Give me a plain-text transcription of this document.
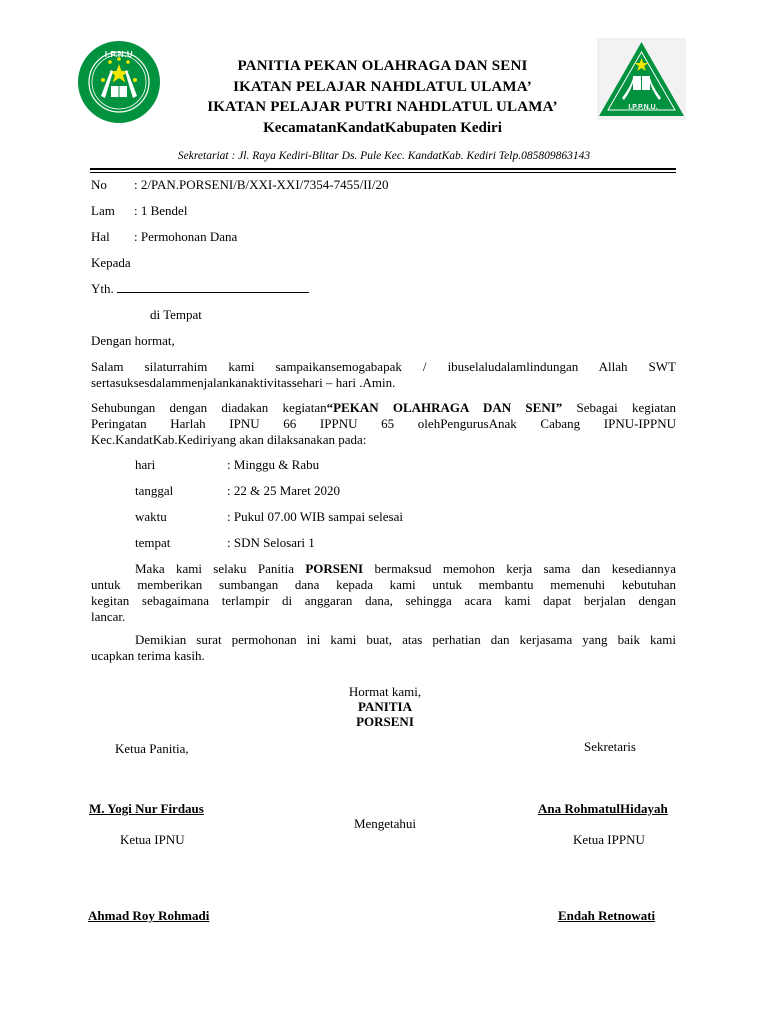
I.P.N.U
I.P.P.N.U.
PANITIA PEKAN OLAHRAGA DAN SENI
IKATAN PELAJAR NAHDLATUL ULAMA’
IKATAN PELAJAR PUTRI NAHDLATUL ULAMA’
KecamatanKandatKabupaten Kediri
Sekretariat : Jl. Raya Kediri-Blitar Ds. Pule Kec. KandatKab. Kediri Telp.085809863143
No : 2/PAN.PORSENI/B/XXI-XXI/7354-7455/II/20
Lam : 1 Bendel
Hal : Permohonan Dana
Kepada
Yth.
di Tempat
Dengan hormat,
Salam silaturrahim kami sampaikansemogabapak / ibuselaludalamlindungan Allah SWT
sertasuksesdalammenjalankanaktivitassehari – hari .Amin.
Sehubungan dengan diadakan kegiatan“PEKAN OLAHRAGA DAN SENI” Sebagai kegiatan
Peringatan Harlah IPNU 66 IPPNU 65 olehPengurusAnak Cabang IPNU-IPPNU
Kec.KandatKab.Kediriyang akan dilaksanakan pada:
hari	: Minggu & Rabu
tanggal	: 22 & 25 Maret 2020
waktu	: Pukul 07.00 WIB sampai selesai
tempat	: SDN Selosari 1
Maka kami selaku Panitia PORSENI bermaksud memohon kerja sama dan kesediannya
untuk memberikan sumbangan dana kepada kami untuk membantu memenuhi kebutuhan
kegitan sebagaimana terlampir di anggaran dana, sehingga acara kami dapat berjalan dengan
lancar.
Demikian surat permohonan ini kami buat, atas perhatian dan kerjasama yang baik kami
ucapkan terima kasih.
Hormat kami,
PANITIA
PORSENI
Ketua Panitia,	Sekretaris
M. Yogi Nur Firdaus	Ana RohmatulHidayah
Mengetahui
Ketua IPNU	Ketua IPPNU
Ahmad Roy Rohmadi	Endah Retnowati
